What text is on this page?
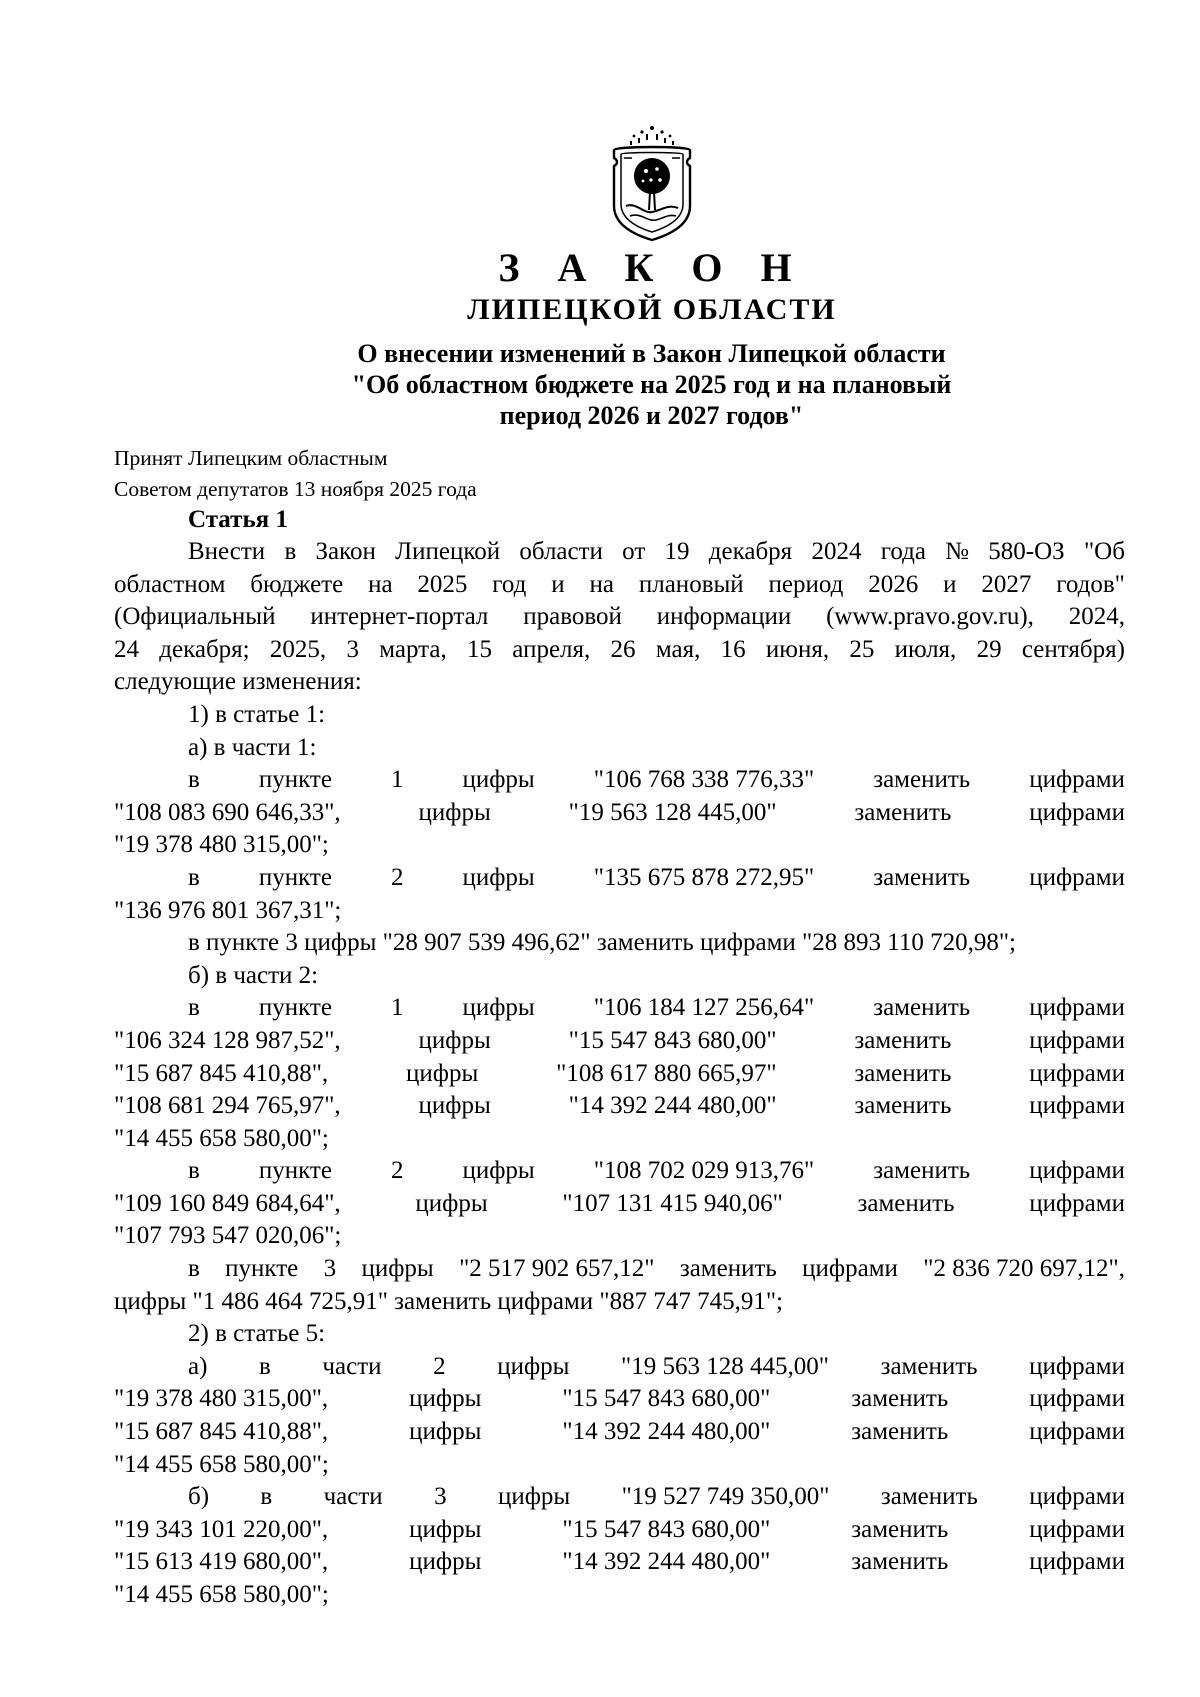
З А К О Н
ЛИПЕЦКОЙ ОБЛАСТИ
О внесении изменений в Закон Липецкой области
"Об областном бюджете на 2025 год и на плановый
период 2026 и 2027 годов"
Принят Липецким областным
Советом депутатов 13 ноября 2025 года
Статья 1
Внести в Закон Липецкой области от 19 декабря 2024 года № 580-ОЗ "Об
областном бюджете на 2025 год и на плановый период 2026 и 2027 годов"
(Официальный интернет-портал правовой информации (www.pravo.gov.ru), 2024,
24 декабря; 2025, 3 марта, 15 апреля, 26 мая, 16 июня, 25 июля, 29 сентября)
следующие изменения:
1) в статье 1:
а) в части 1:
в пункте 1 цифры "106 768 338 776,33" заменить цифрами
"108 083 690 646,33",	цифры	"19 563 128 445,00"	заменить	цифрами
"19 378 480 315,00";
в пункте 2 цифры "135 675 878 272,95" заменить цифрами
"136 976 801 367,31";
в пункте 3 цифры "28 907 539 496,62" заменить цифрами "28 893 110 720,98";
б) в части 2:
в пункте 1 цифры "106 184 127 256,64" заменить цифрами
"106 324 128 987,52",	цифры	"15 547 843 680,00"	заменить	цифрами
"15 687 845 410,88",	цифры	"108 617 880 665,97"	заменить	цифрами
"108 681 294 765,97",	цифры	"14 392 244 480,00"	заменить	цифрами
"14 455 658 580,00";
в пункте 2 цифры "108 702 029 913,76" заменить цифрами
"109 160 849 684,64",	цифры	"107 131 415 940,06"	заменить	цифрами
"107 793 547 020,06";
в пункте 3 цифры "2 517 902 657,12" заменить цифрами "2 836 720 697,12",
цифры "1 486 464 725,91" заменить цифрами "887 747 745,91";
2) в статье 5:
а) в части 2 цифры "19 563 128 445,00" заменить цифрами
"19 378 480 315,00",	цифры	"15 547 843 680,00"	заменить	цифрами
"15 687 845 410,88",	цифры	"14 392 244 480,00"	заменить	цифрами
"14 455 658 580,00";
б) в части 3 цифры "19 527 749 350,00" заменить цифрами
"19 343 101 220,00",	цифры	"15 547 843 680,00"	заменить	цифрами
"15 613 419 680,00",	цифры	"14 392 244 480,00"	заменить	цифрами
"14 455 658 580,00";
